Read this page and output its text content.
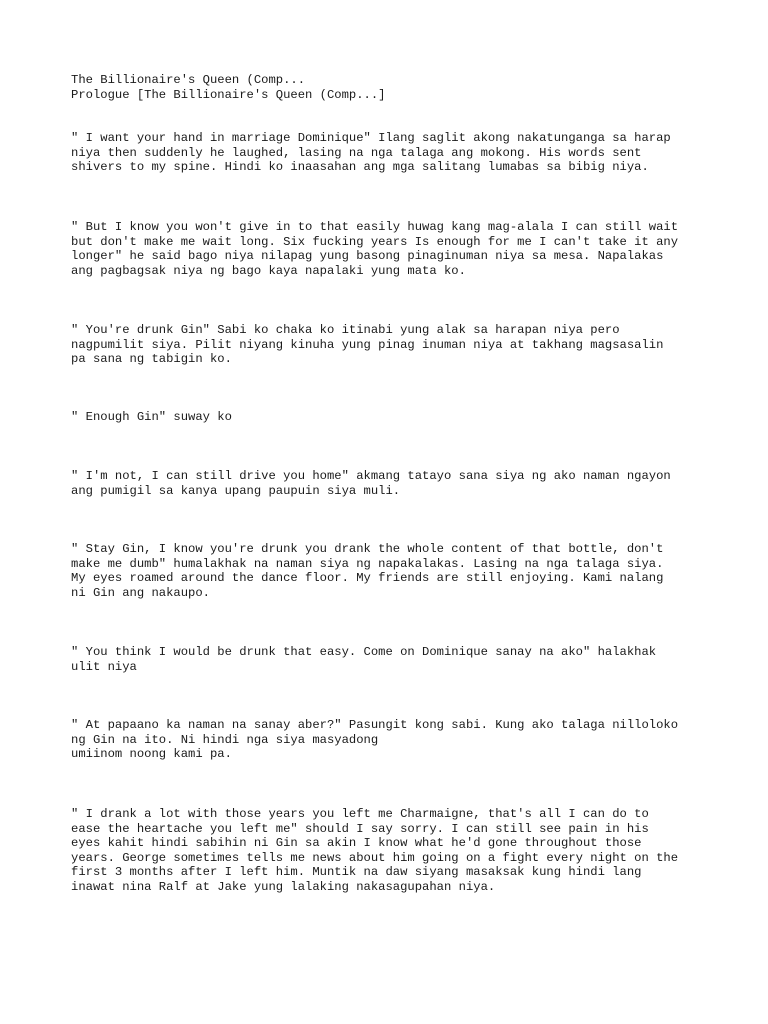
The Billionaire's Queen (Comp...

Prologue [The Billionaire's Queen (Comp...]

" I want your hand in marriage Dominique" Ilang saglit akong nakatunganga sa harap
niya then suddenly he laughed, lasing na nga talaga ang mokong. His words sent
shivers to my spine. Hindi ko inaasahan ang mga salitang lumabas sa bibig niya.

" But I know you won't give in to that easily huwag kang mag-alala I can still wait
but don't make me wait long. Six fucking years Is enough for me I can't take it any
longer" he said bago niya nilapag yung basong pinaginuman niya sa mesa. Napalakas
ang pagbagsak niya ng bago kaya napalaki yung mata ko.

" You're drunk Gin" Sabi ko chaka ko itinabi yung alak sa harapan niya pero
nagpumilit siya. Pilit niyang kinuha yung pinag inuman niya at takhang magsasalin
pa sana ng tabigin ko.

" Enough Gin" suway ko

" I'm not, I can still drive you home" akmang tatayo sana siya ng ako naman ngayon
ang pumigil sa kanya upang paupuin siya muli.

" Stay Gin, I know you're drunk you drank the whole content of that bottle, don't
make me dumb" humalakhak na naman siya ng napakalakas. Lasing na nga talaga siya.
My eyes roamed around the dance floor. My friends are still enjoying. Kami nalang
ni Gin ang nakaupo.

" You think I would be drunk that easy. Come on Dominique sanay na ako" halakhak
ulit niya

" At papaano ka naman na sanay aber?" Pasungit kong sabi. Kung ako talaga nilloloko
ng Gin na ito. Ni hindi nga siya masyadong
umiinom noong kami pa.

" I drank a lot with those years you left me Charmaigne, that's all I can do to
ease the heartache you left me" should I say sorry. I can still see pain in his
eyes kahit hindi sabihin ni Gin sa akin I know what he'd gone throughout those
years. George sometimes tells me news about him going on a fight every night on the
first 3 months after I left him. Muntik na daw siyang masaksak kung hindi lang
inawat nina Ralf at Jake yung lalaking nakasagupahan niya.
